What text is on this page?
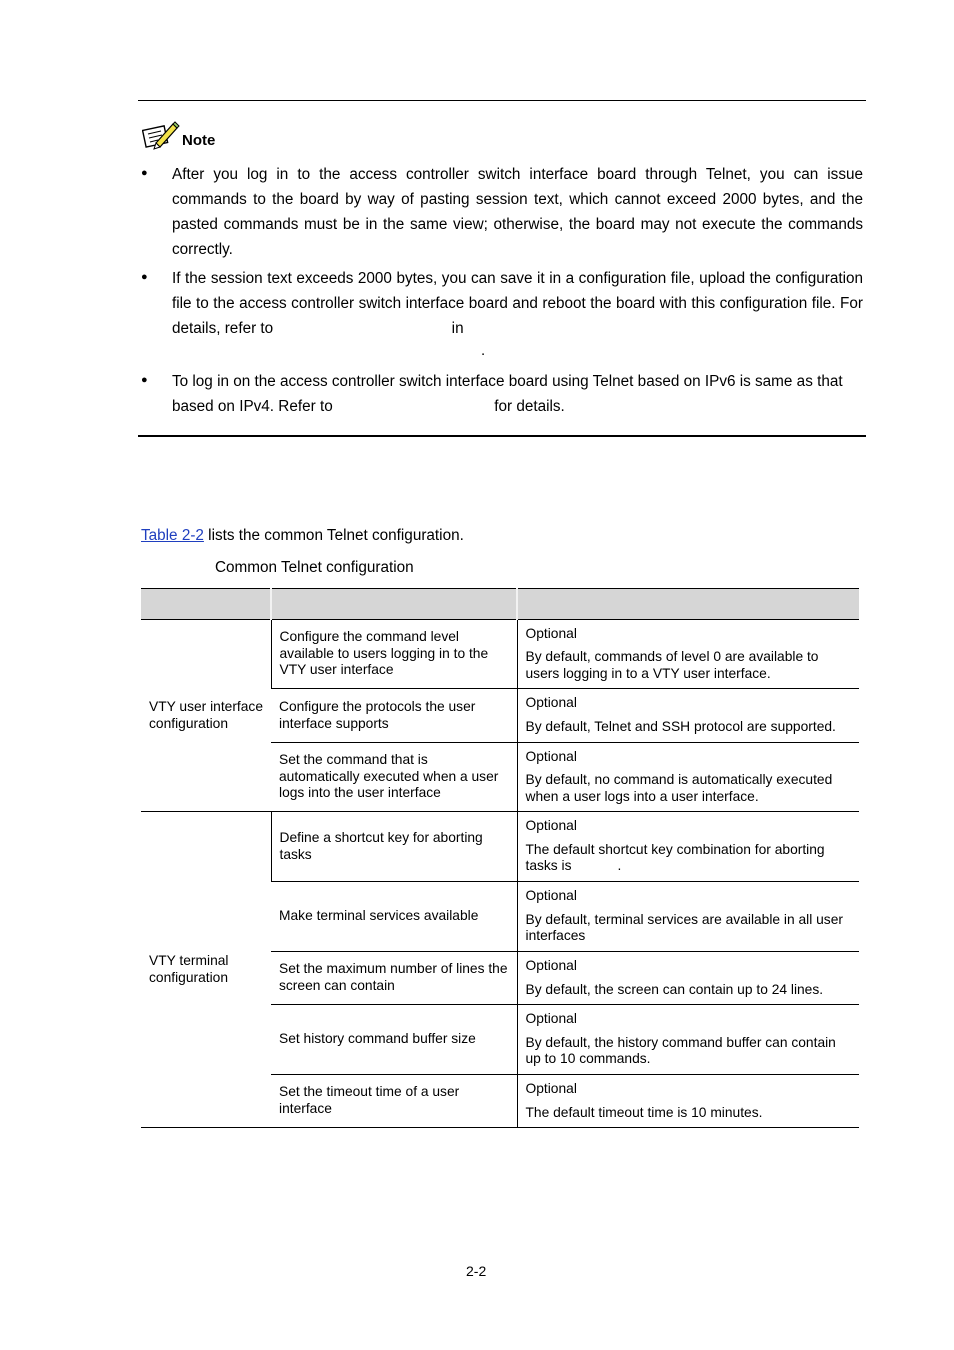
Note
● After you log in to the access controller switch interface board through Telnet, you can issue commands to the board by way of pasting session text, which cannot exceed 2000 bytes, and the pasted commands must be in the same view; otherwise, the board may not execute the commands correctly.
● If the session text exceeds 2000 bytes, you can save it in a configuration file, upload the configuration file to the access controller switch interface board and reboot the board with this configuration file. For details, refer to                                          in
.
● To log in on the access controller switch interface board using Telnet based on IPv6 is same as that based on IPv4. Refer to                                      for details.
Table 2-2 lists the common Telnet configuration.
Common Telnet configuration

VTY user interface configuration	Configure the command level available to users logging in to the VTY user interface	Optional
By default, commands of level 0 are available to users logging in to a VTY user interface.

	Configure the protocols the user interface supports	Optional
By default, Telnet and SSH protocol are supported.

	Set the command that is automatically executed when a user logs into the user interface	Optional
By default, no command is automatically executed when a user logs into a user interface.

VTY terminal configuration	Define a shortcut key for aborting tasks	Optional
The default shortcut key combination for aborting tasks is .

	Make terminal services available	Optional
By default, terminal services are available in all user interfaces

	Set the maximum number of lines the screen can contain	Optional
By default, the screen can contain up to 24 lines.

	Set history command buffer size	Optional
By default, the history command buffer can contain up to 10 commands.

	Set the timeout time of a user interface	Optional
The default timeout time is 10 minutes.
2-2
